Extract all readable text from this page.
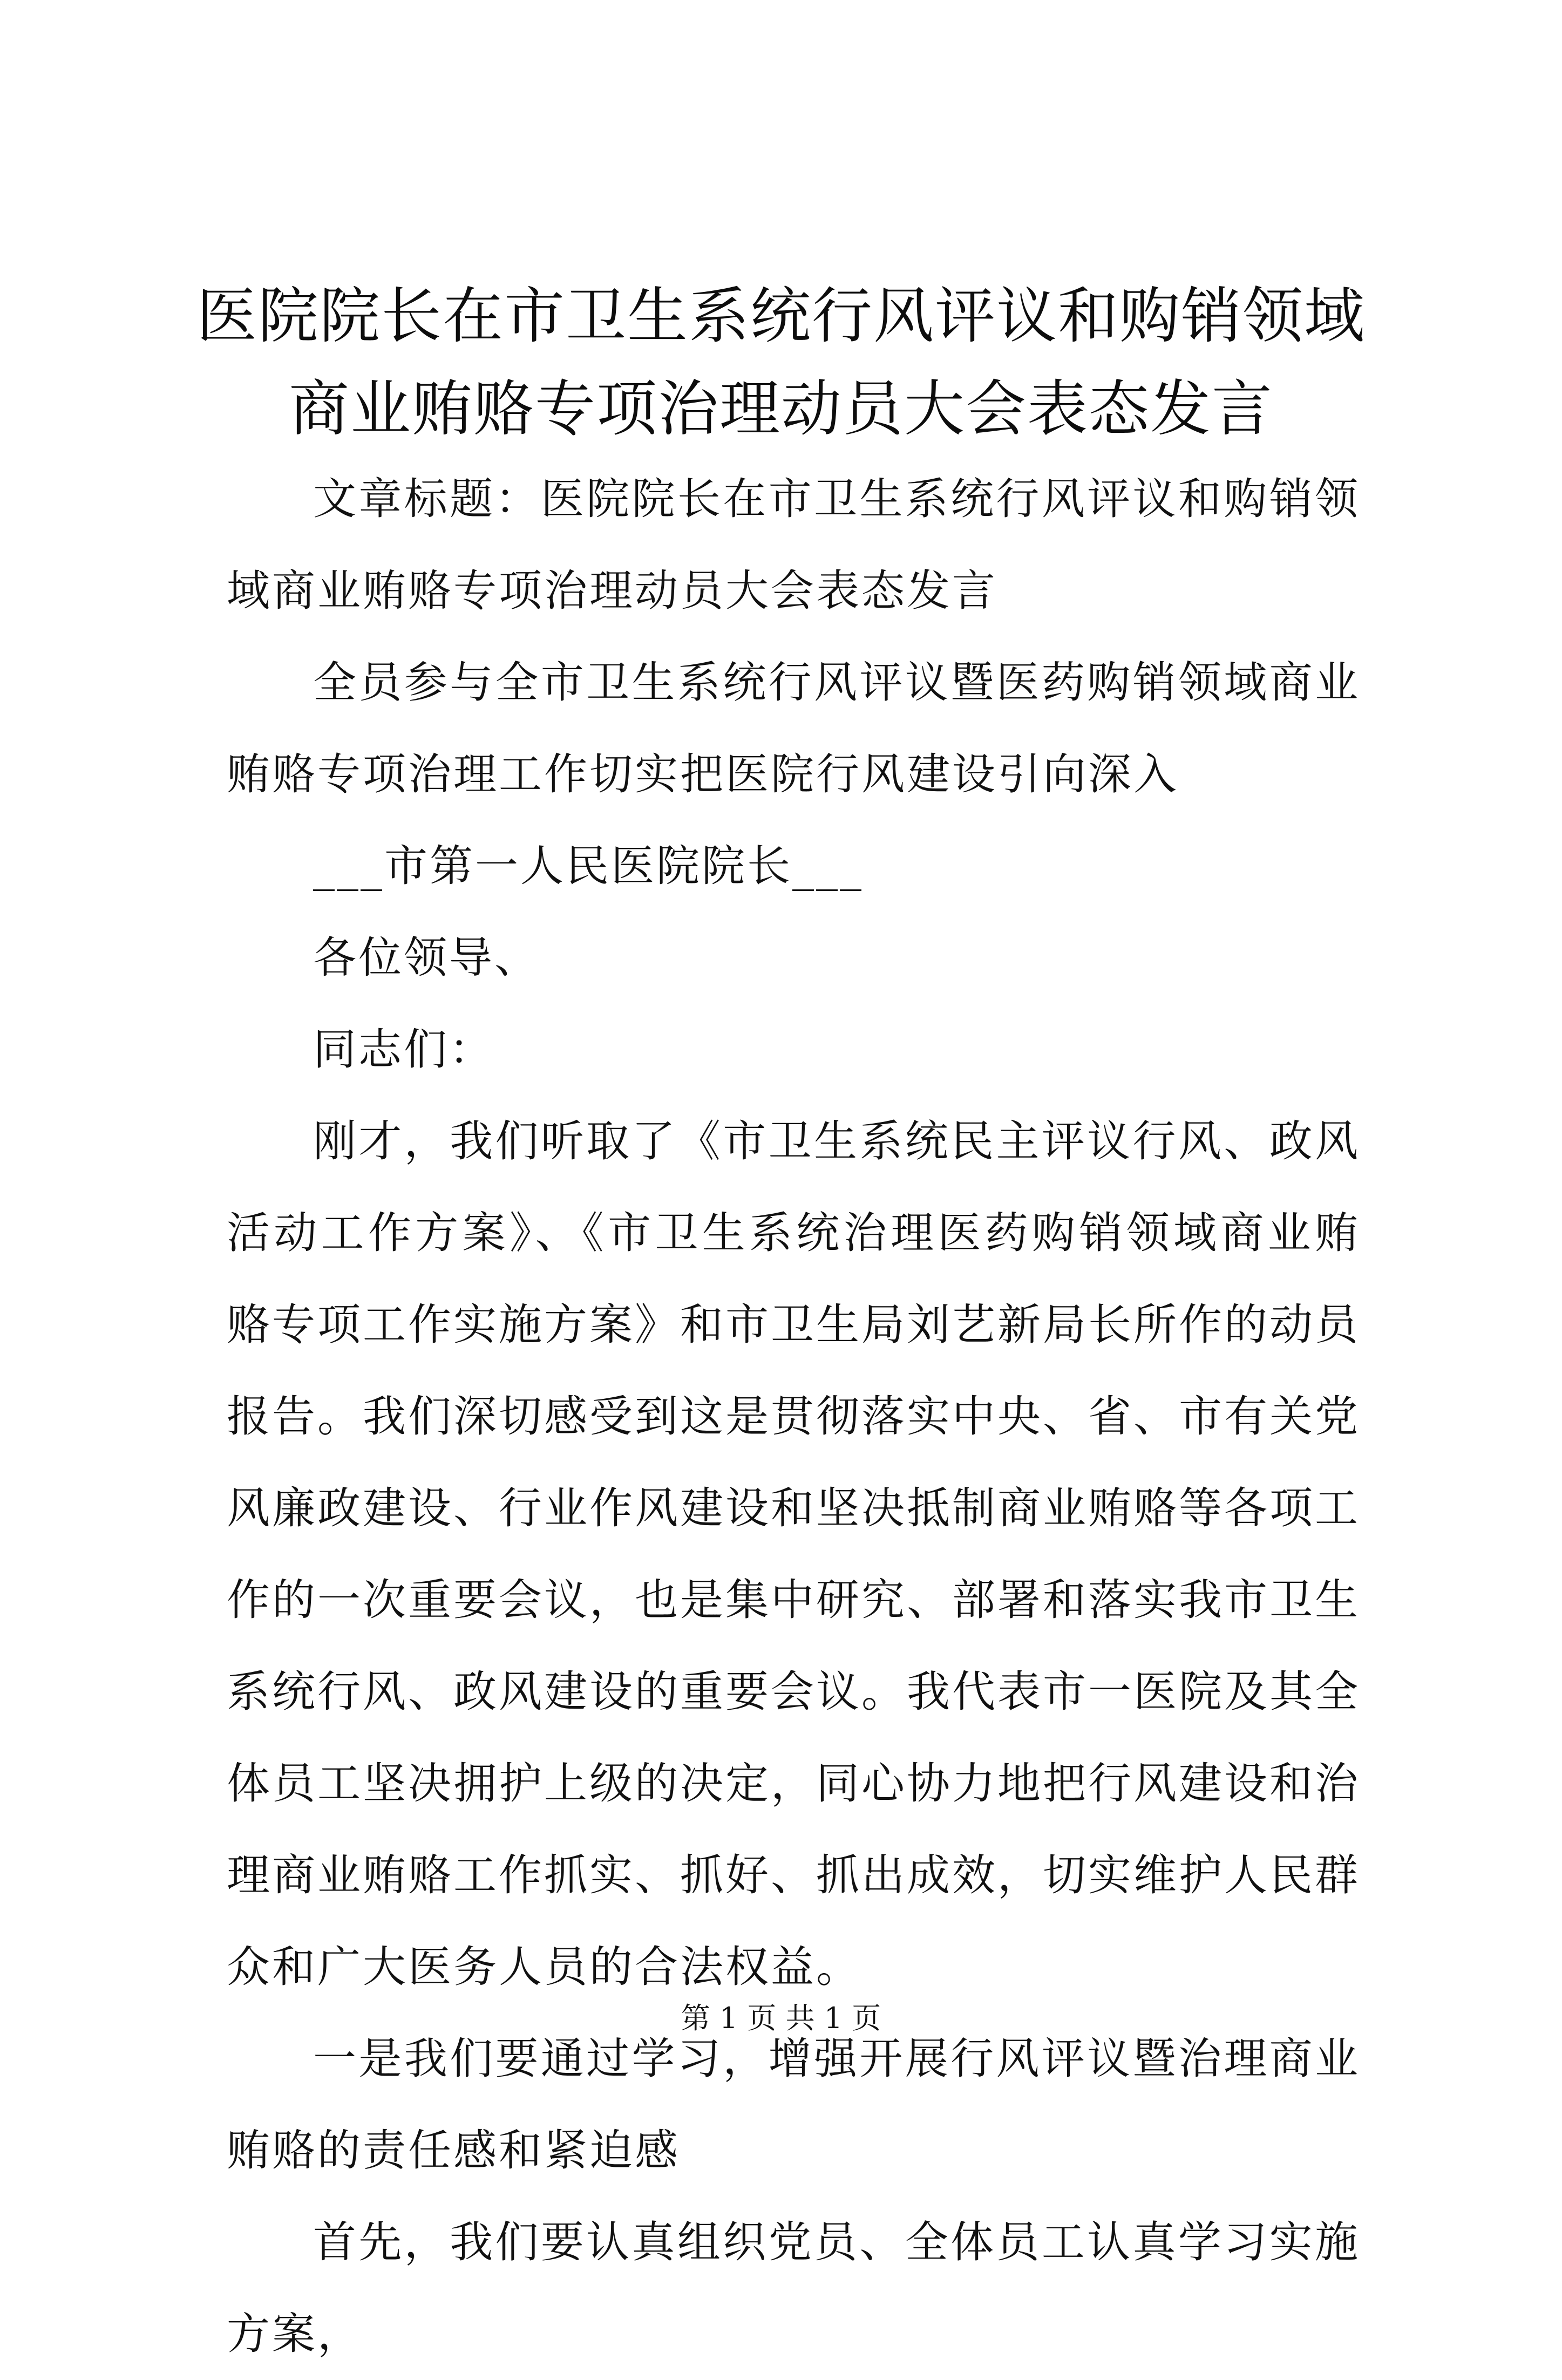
医院院长在市卫生系统行风评议和购销领域商业贿赂专项治理动员大会表态发言

文章标题：医院院长在市卫生系统行风评议和购销领域商业贿赂专项治理动员大会表态发言

全员参与全市卫生系统行风评议暨医药购销领域商业贿赂专项治理工作切实把医院行风建设引向深入

___市第一人民医院院长___

各位领导、

同志们：

刚才，我们听取了《市卫生系统民主评议行风、政风活动工作方案》、《市卫生系统治理医药购销领域商业贿赂专项工作实施方案》和市卫生局刘艺新局长所作的动员报告。我们深切感受到这是贯彻落实中央、省、市有关党风廉政建设、行业作风建设和坚决抵制商业贿赂等各项工作的一次重要会议，也是集中研究、部署和落实我市卫生系统行风、政风建设的重要会议。我代表市一医院及其全体员工坚决拥护上级的决定，同心协力地把行风建设和治理商业贿赂工作抓实、抓好、抓出成效，切实维护人民群众和广大医务人员的合法权益。

一是我们要通过学习，增强开展行风评议暨治理商业贿赂的责任感和紧迫感

首先，我们要认真组织党员、全体员工认真学习实施方案，

第 1 页 共 1 页
